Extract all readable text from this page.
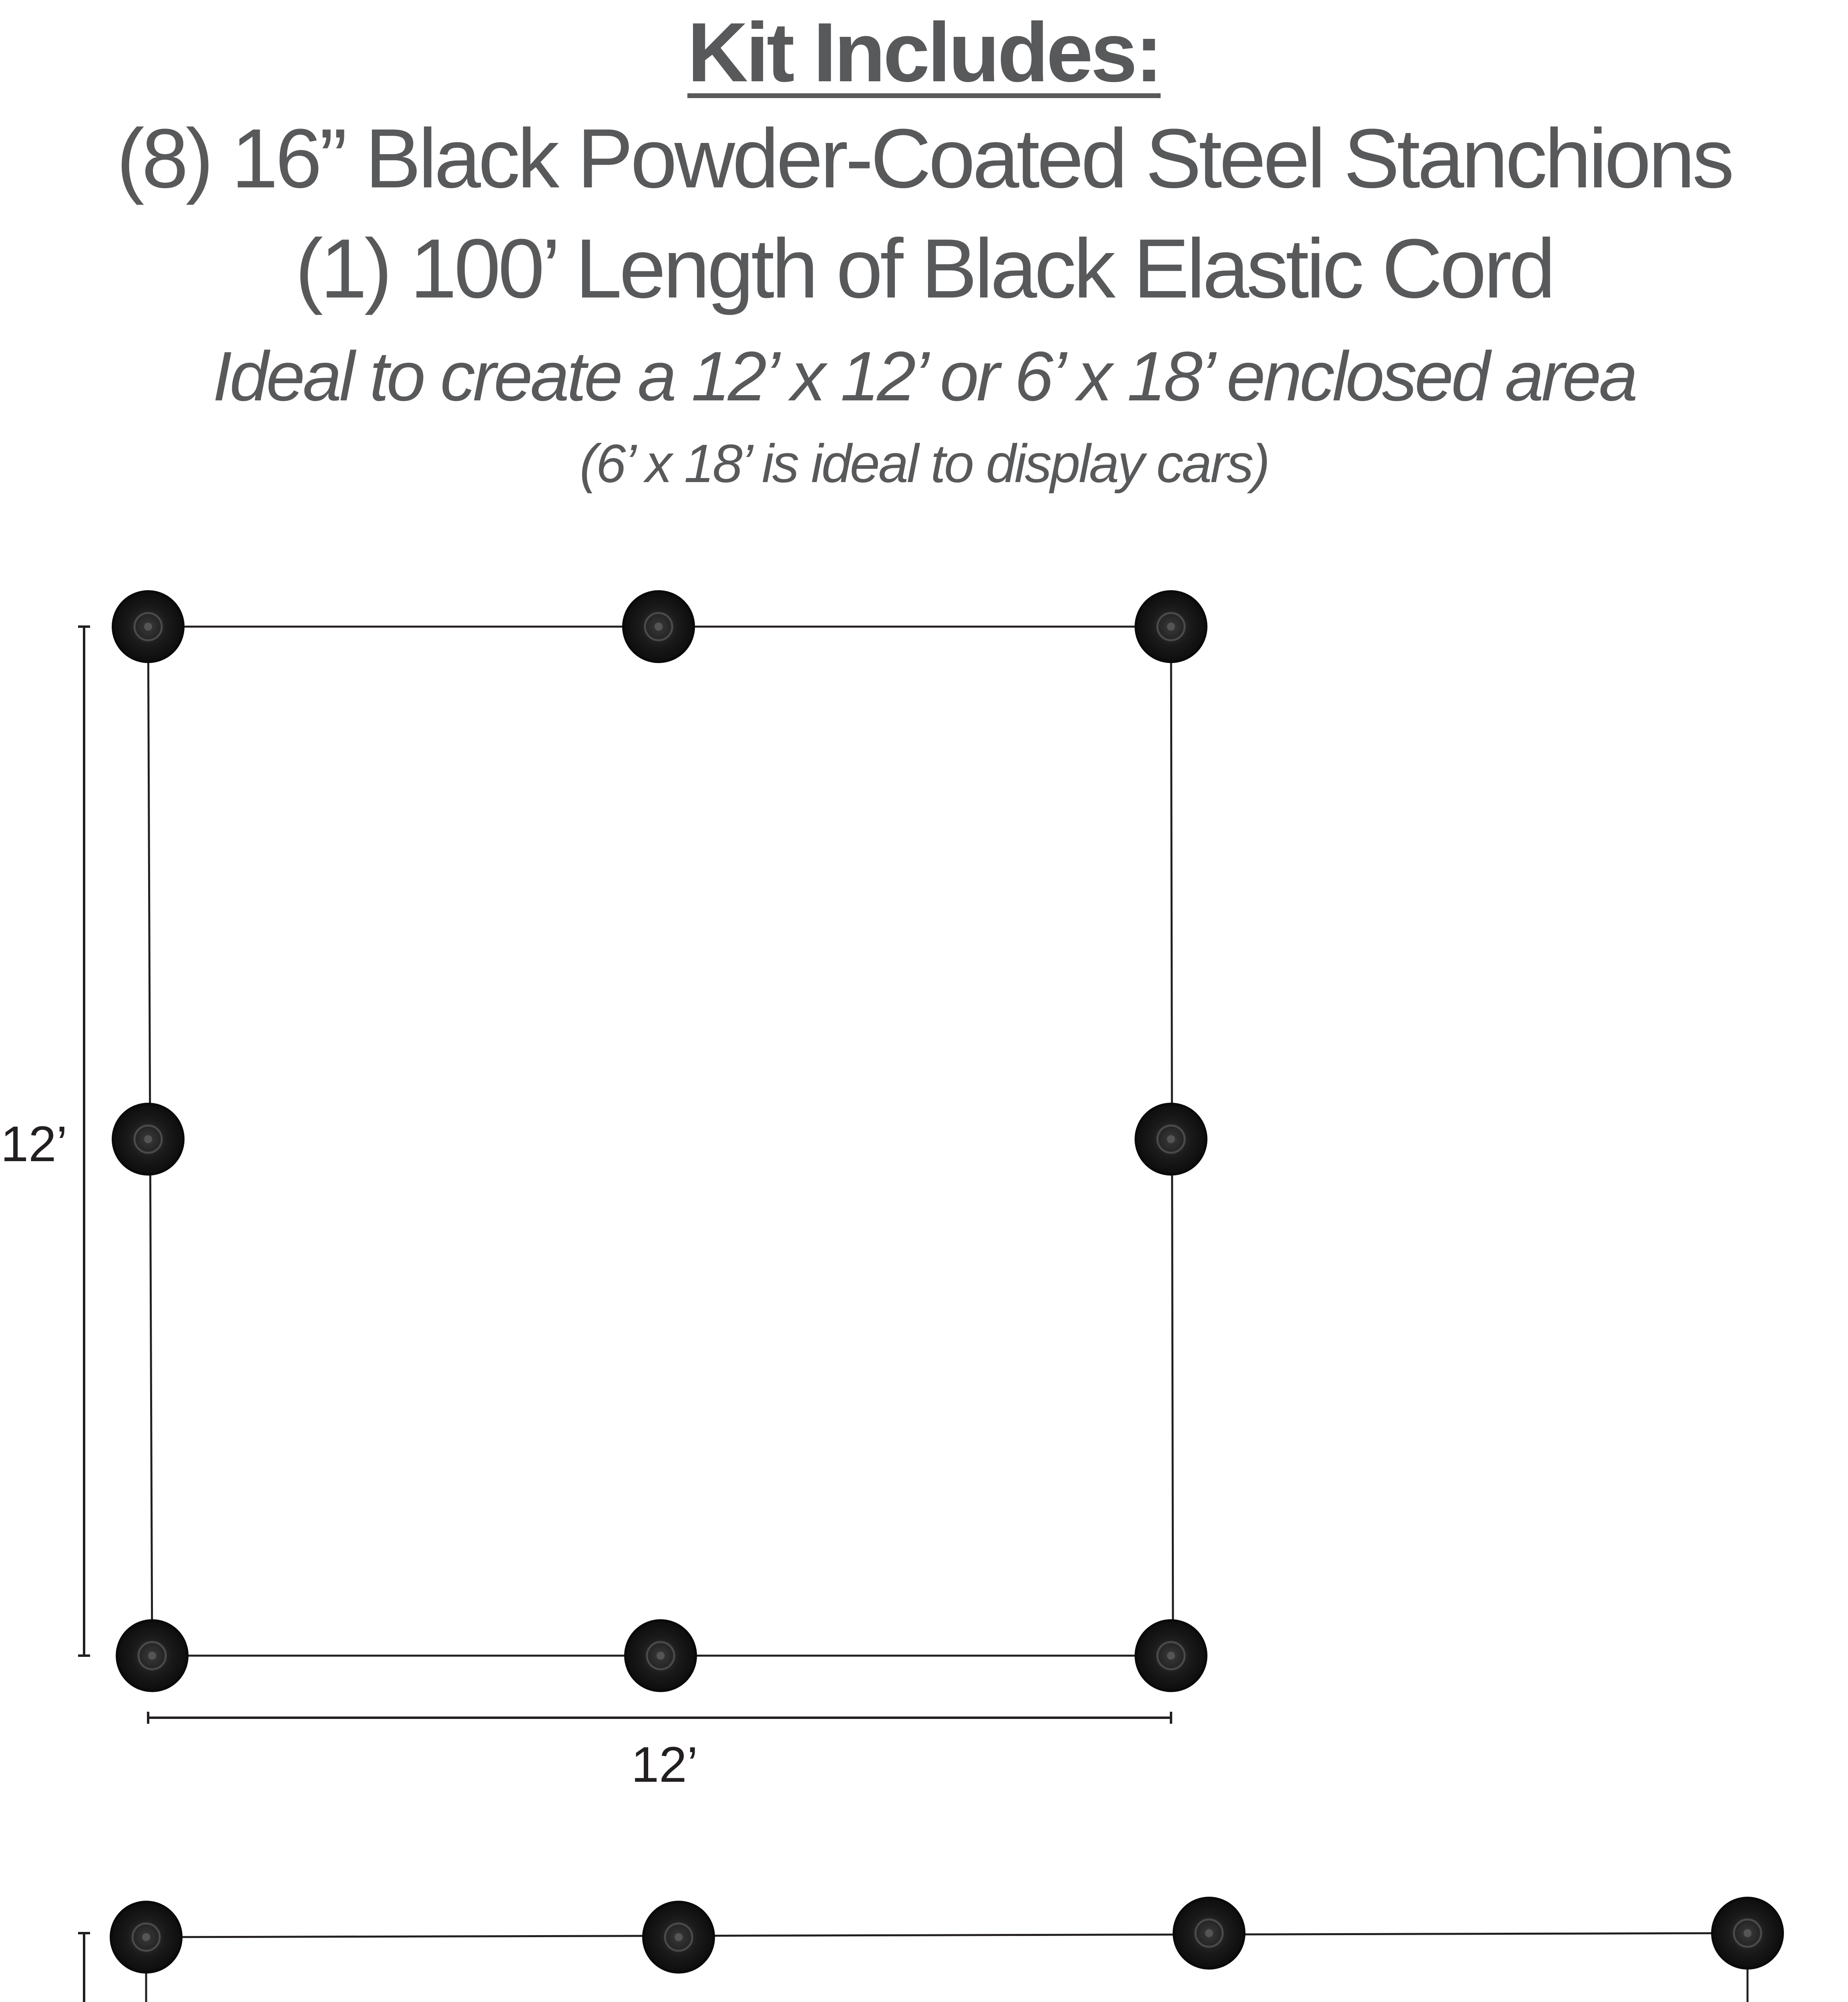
Kit Includes:
(8) 16” Black Powder-Coated Steel Stanchions
(1) 100’ Length of Black Elastic Cord
Ideal to create a 12’ x 12’ or 6’ x 18’ enclosed area
(6’ x 18’ is ideal to display cars)
12’
12’
